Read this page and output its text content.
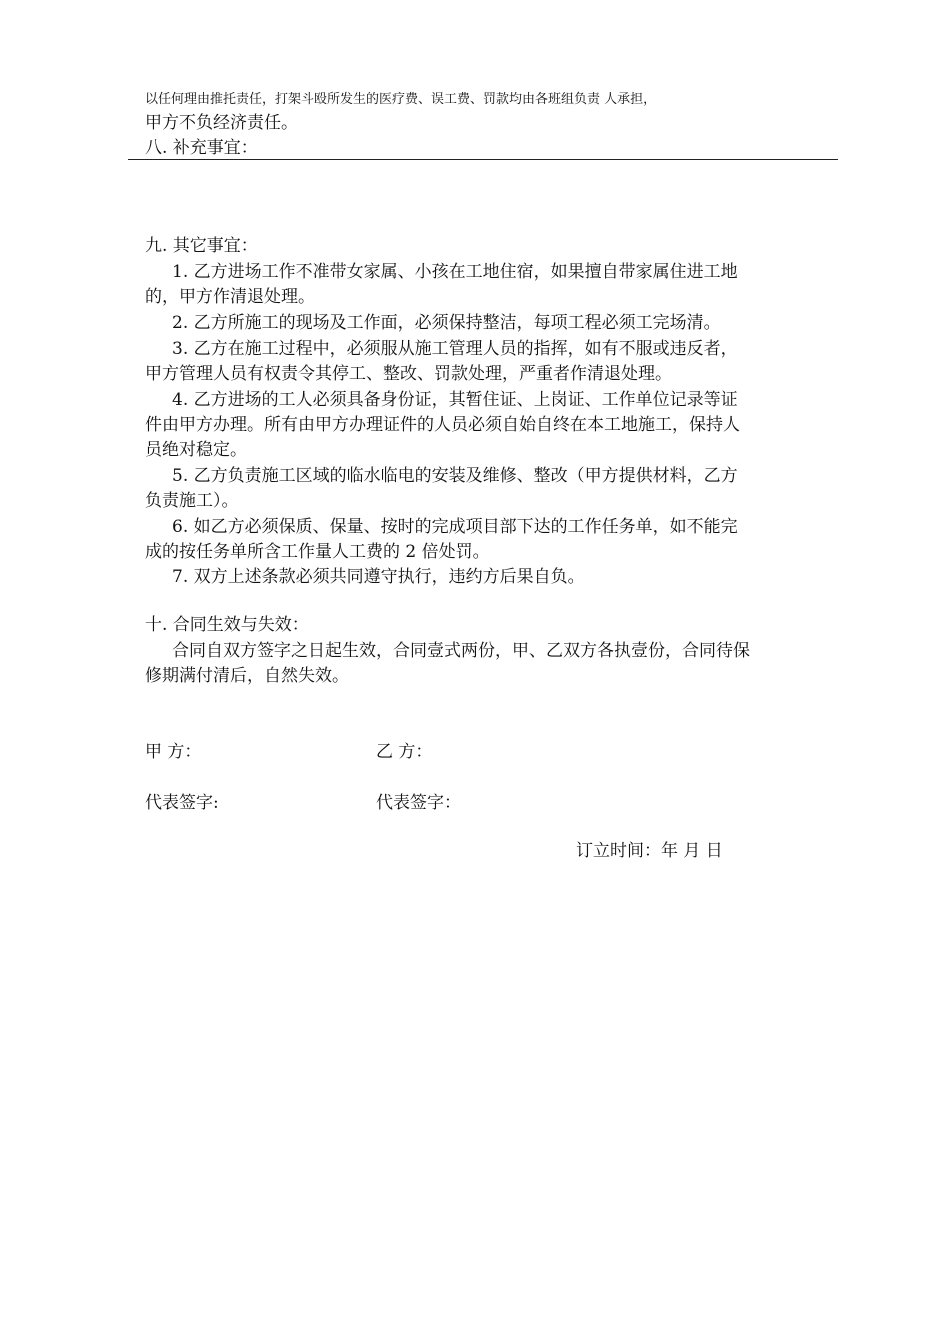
以任何理由推托责任，打架斗殴所发生的医疗费、误工费、罚款均由各班组负责 人承担，
甲方不负经济责任。
八. 补充事宜：
九. 其它事宜：
1. 乙方进场工作不准带女家属、小孩在工地住宿，如果擅自带家属住进工地
的，甲方作清退处理。
2. 乙方所施工的现场及工作面，必须保持整洁，每项工程必须工完场清。
3. 乙方在施工过程中，必须服从施工管理人员的指挥，如有不服或违反者，
甲方管理人员有权责令其停工、整改、罚款处理，严重者作清退处理。
4. 乙方进场的工人必须具备身份证，其暂住证、上岗证、工作单位记录等证
件由甲方办理。所有由甲方办理证件的人员必须自始自终在本工地施工，保持人
员绝对稳定。
5. 乙方负责施工区域的临水临电的安装及维修、整改（甲方提供材料，乙方
负责施工）。
6. 如乙方必须保质、保量、按时的完成项目部下达的工作任务单，如不能完
成的按任务单所含工作量人工费的 2 倍处罚。
7. 双方上述条款必须共同遵守执行，违约方后果自负。
十. 合同生效与失效：
合同自双方签字之日起生效，合同壹式两份，甲、乙双方各执壹份，合同待保
修期满付清后，自然失效。
甲 方：	乙 方：
代表签字:	代表签字：
订立时间：年 月 日
